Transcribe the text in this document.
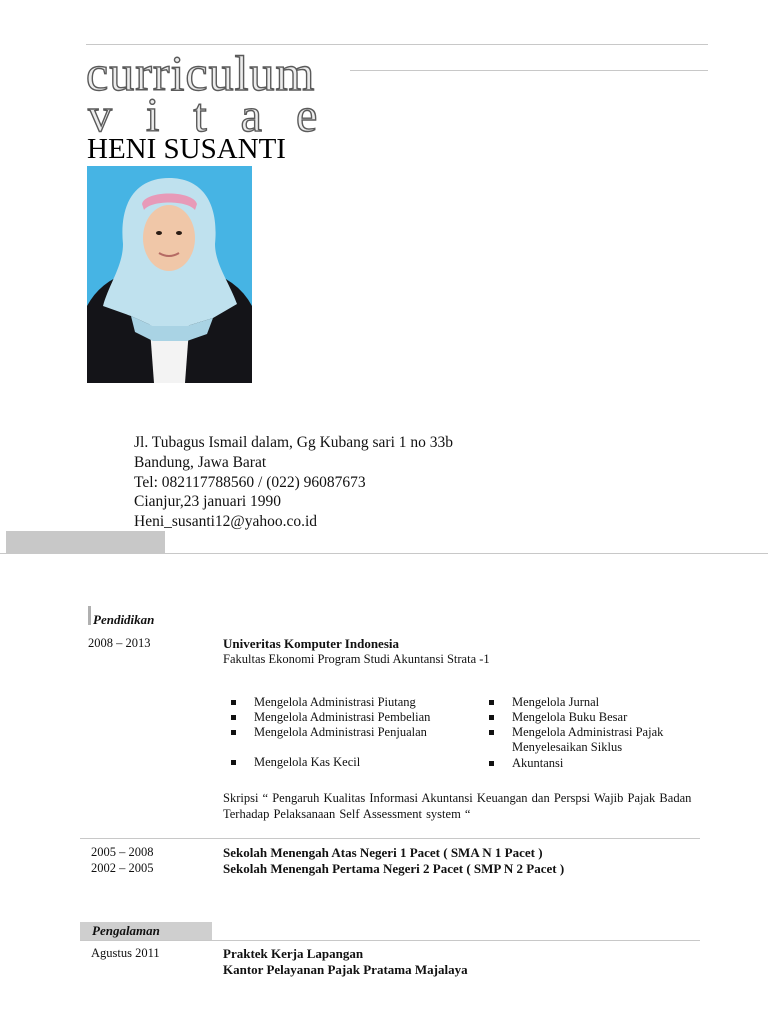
curriculum
vitae
HENI SUSANTI
Jl. Tubagus Ismail dalam, Gg Kubang sari 1 no 33b
Bandung, Jawa Barat
Tel: 082117788560 / (022) 96087673
Cianjur,23 januari 1990
Heni_susanti12@yahoo.co.id
Pendidikan
2008 – 2013	Univeritas Komputer Indonesia
Fakultas Ekonomi Program Studi Akuntansi Strata -1
Mengelola Administrasi Piutang
Mengelola Administrasi Pembelian
Mengelola Administrasi Penjualan
Mengelola Kas Kecil
Mengelola Jurnal
Mengelola Buku Besar
Mengelola Administrasi Pajak
Menyelesaikan Siklus
Akuntansi
Skripsi “ Pengaruh Kualitas Informasi Akuntansi Keuangan dan Perspsi Wajib Pajak Badan Terhadap Pelaksanaan Self Assessment system “
2005 – 2008	Sekolah Menengah Atas Negeri 1 Pacet ( SMA N 1 Pacet )
2002 – 2005	Sekolah Menengah Pertama Negeri 2 Pacet ( SMP N 2 Pacet )
Pengalaman
Agustus 2011	Praktek Kerja Lapangan
Kantor Pelayanan Pajak Pratama Majalaya
